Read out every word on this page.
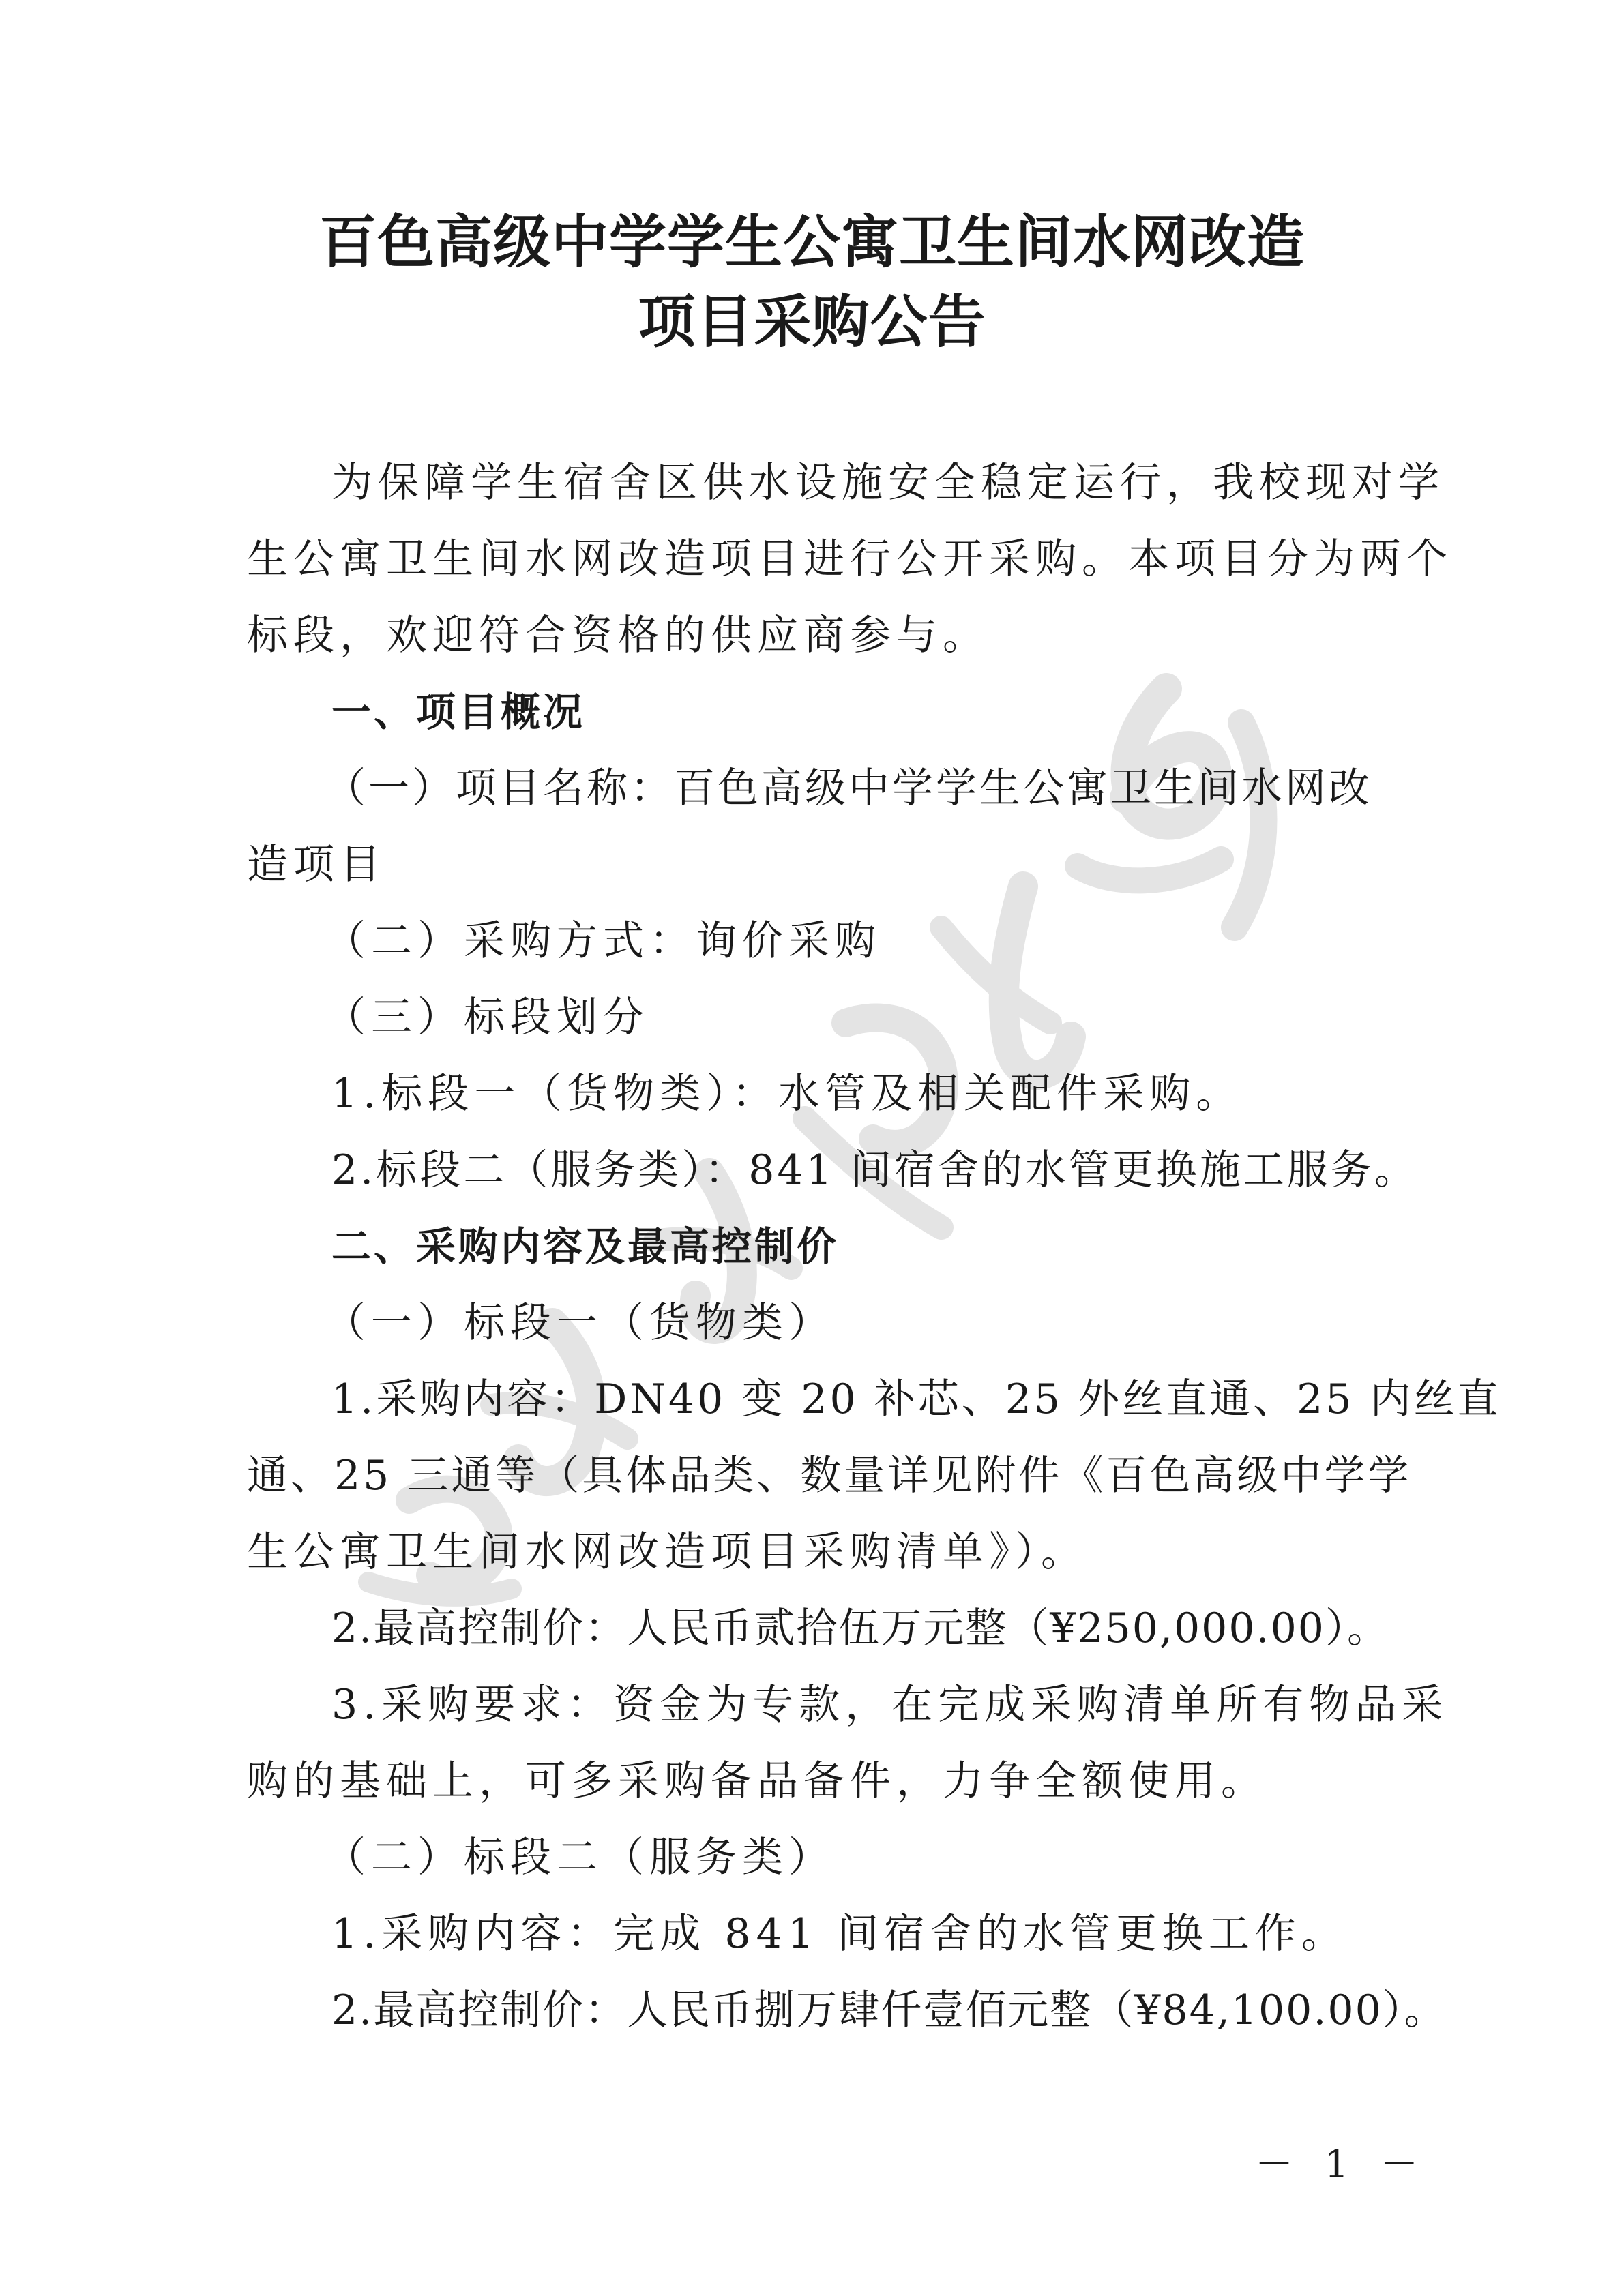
百色高级中学学生公寓卫生间水网改造
项目采购公告

为保障学生宿舍区供水设施安全稳定运行，我校现对学

生公寓卫生间水网改造项目进行公开采购。本项目分为两个

标段，欢迎符合资格的供应商参与。

一、项目概况

（一）项目名称：百色高级中学学生公寓卫生间水网改

造项目

（二）采购方式：询价采购

（三）标段划分

1.标段一（货物类）：水管及相关配件采购。

2.标段二（服务类）：841 间宿舍的水管更换施工服务。

二、采购内容及最高控制价

（一）标段一（货物类）

1.采购内容：DN40 变 20 补芯、25 外丝直通、25 内丝直

通、25 三通等（具体品类、数量详见附件《百色高级中学学

生公寓卫生间水网改造项目采购清单》）。

2.最高控制价：人民币贰拾伍万元整（¥250,000.00）。

3.采购要求：资金为专款，在完成采购清单所有物品采

购的基础上，可多采购备品备件，力争全额使用。

（二）标段二（服务类）

1.采购内容：完成 841 间宿舍的水管更换工作。

2.最高控制价：人民币捌万肆仟壹佰元整（¥84,100.00）。

－ 1 －
